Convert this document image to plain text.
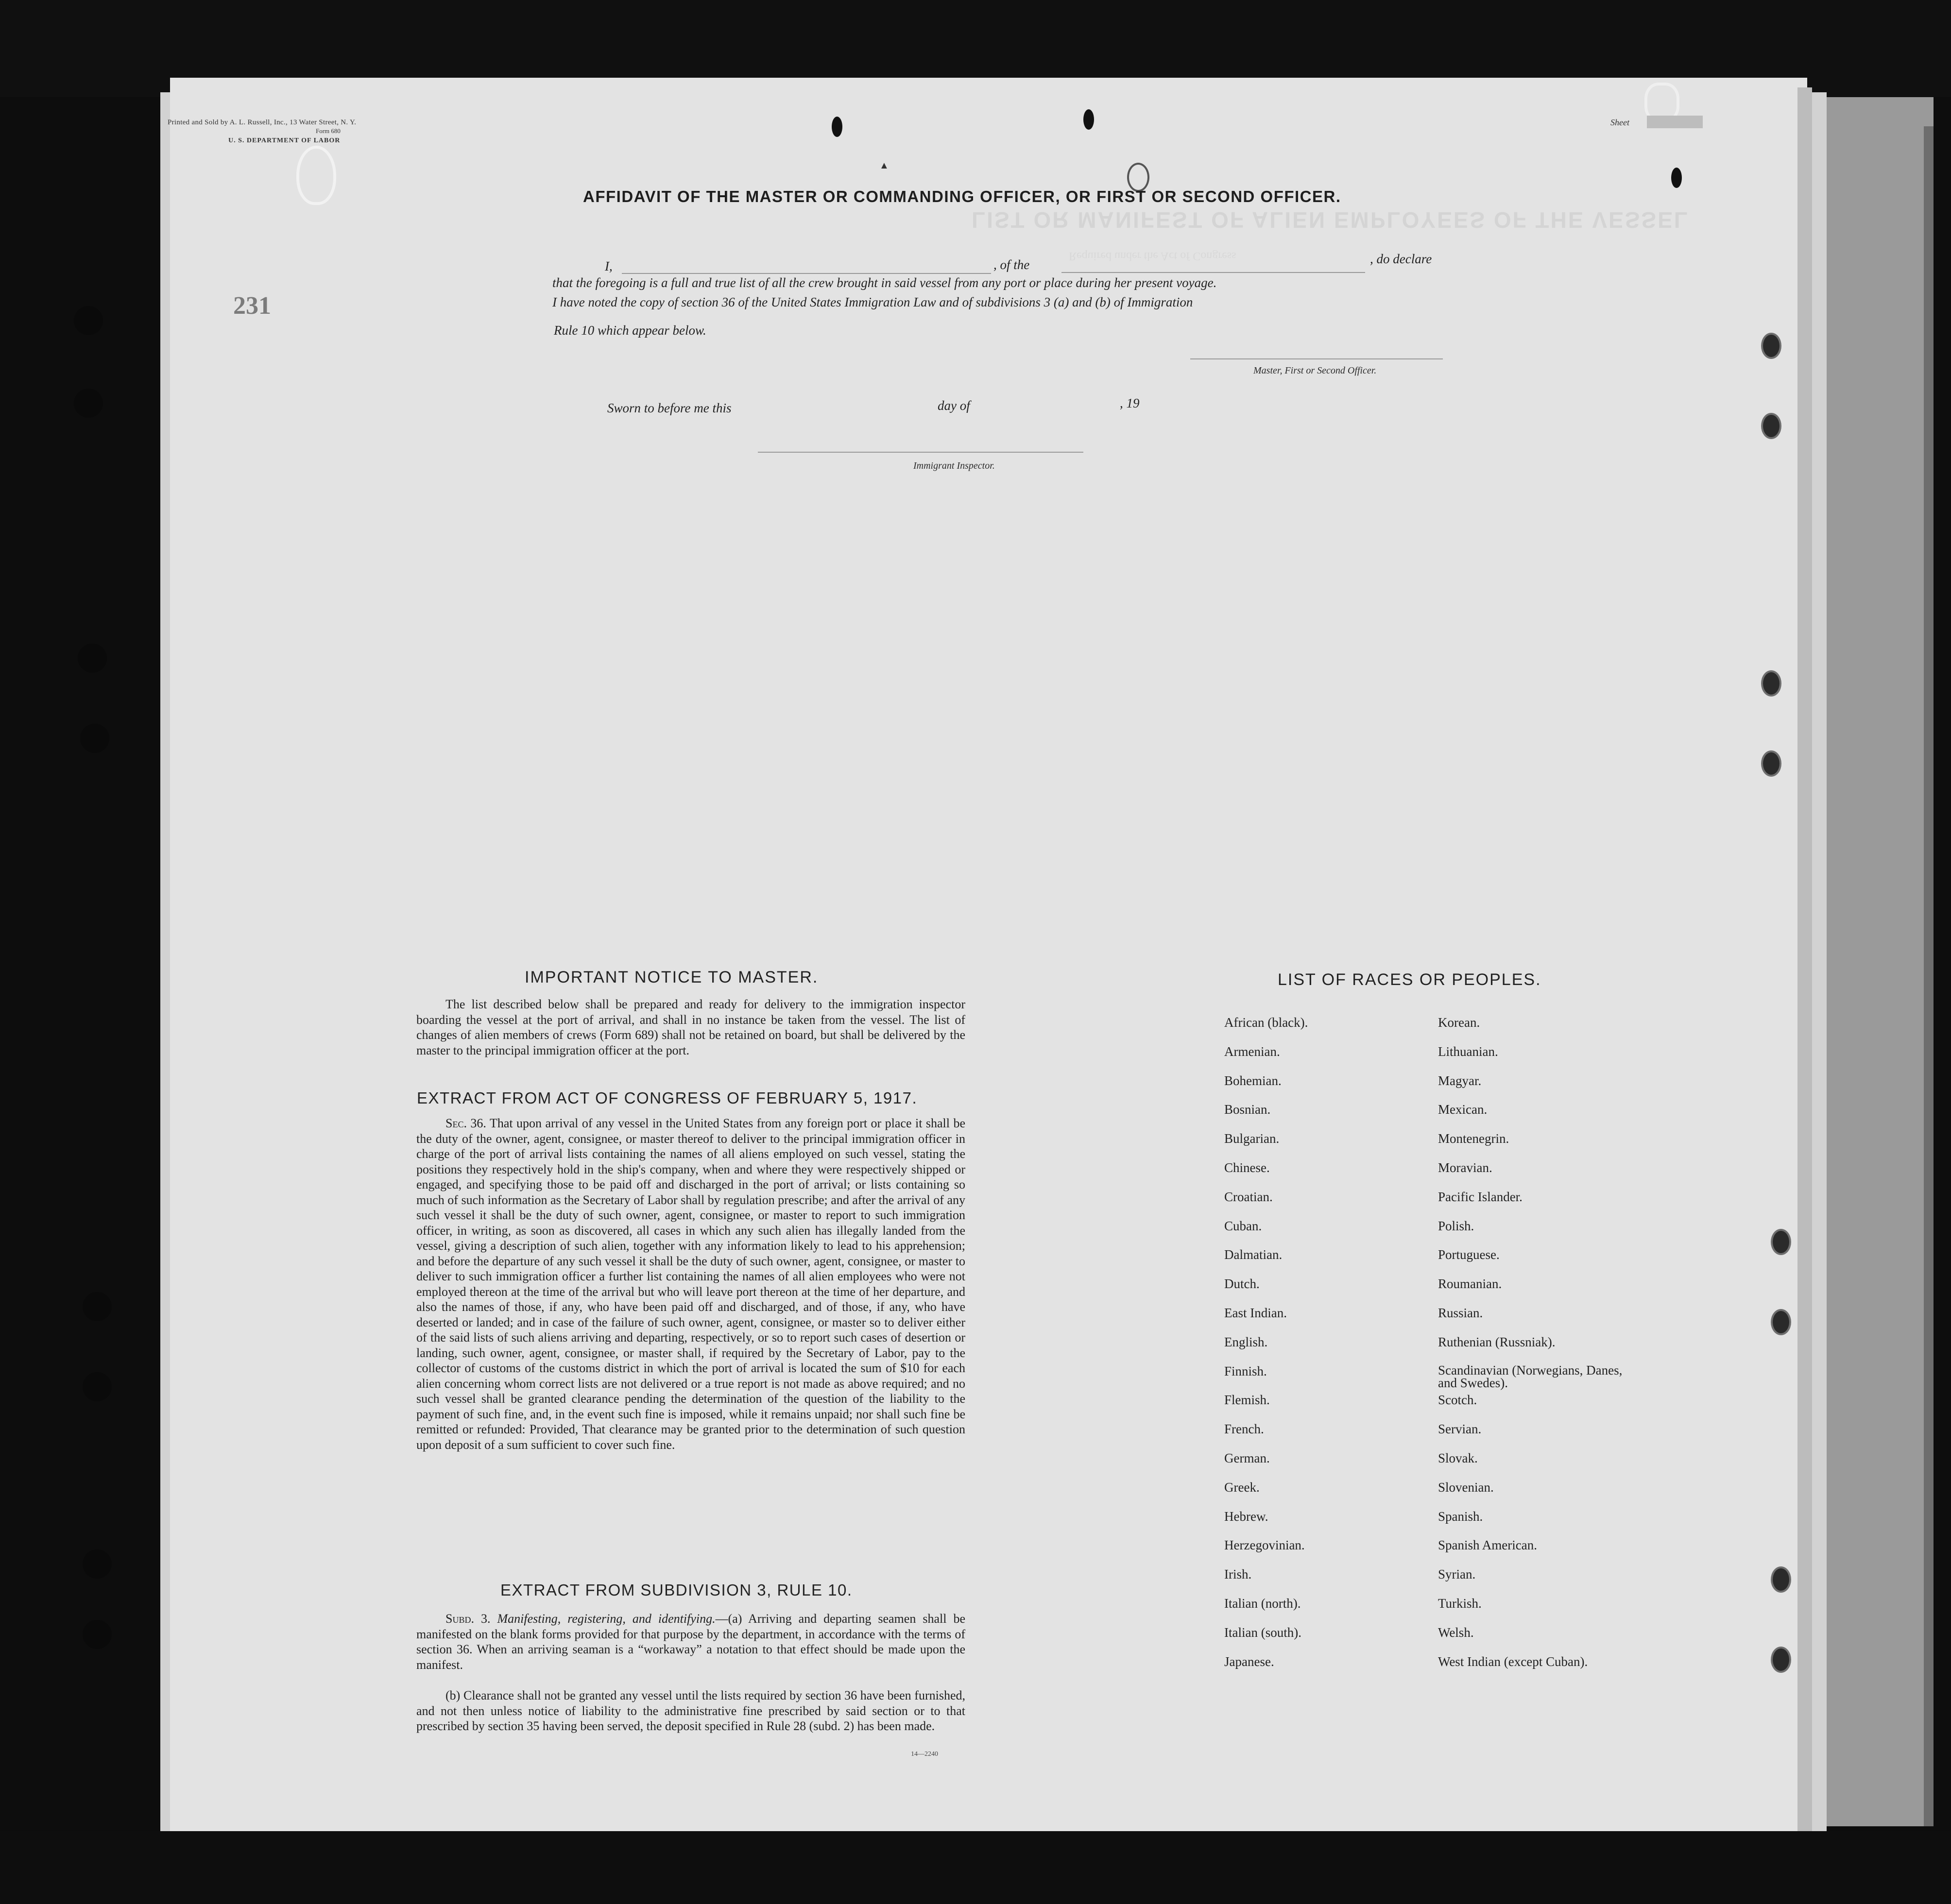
▲
LIST OR MANIFEST OF ALIEN EMPLOYEES OF THE VESSEL
Required under the Act of Congress
Printed and Sold by A. L. Russell, Inc., 13 Water Street, N. Y.
Form 680
U. S. DEPARTMENT OF LABOR
Sheet
231
AFFIDAVIT OF THE MASTER OR COMMANDING OFFICER, OR FIRST OR SECOND OFFICER.
I,	, of the	, do declare
that the foregoing is a full and true list of all the crew brought in said vessel from any port or place during her present voyage.
I have noted the copy of section 36 of the United States Immigration Law and of subdivisions 3 (a) and (b) of Immigration
Rule 10 which appear below.
Master, First or Second Officer.
Sworn to before me this	day of	, 19
Immigrant Inspector.
IMPORTANT NOTICE TO MASTER.

The list described below shall be prepared and ready for delivery to the immigration inspector boarding the vessel at the port of arrival, and shall in no instance be taken from the vessel. The list of changes of alien members of crews (Form 689) shall not be retained on board, but shall be delivered by the master to the principal immigration officer at the port.

EXTRACT FROM ACT OF CONGRESS OF FEBRUARY 5, 1917.

Sec. 36. That upon arrival of any vessel in the United States from any foreign port or place it shall be the duty of the owner, agent, consignee, or master thereof to deliver to the principal immigration officer in charge of the port of arrival lists containing the names of all aliens employed on such vessel, stating the positions they respectively hold in the ship's company, when and where they were respectively shipped or engaged, and specifying those to be paid off and discharged in the port of arrival; or lists containing so much of such information as the Secretary of Labor shall by regulation prescribe; and after the arrival of any such vessel it shall be the duty of such owner, agent, consignee, or master to report to such immigration officer, in writing, as soon as discovered, all cases in which any such alien has illegally landed from the vessel, giving a description of such alien, together with any information likely to lead to his apprehension; and before the departure of any such vessel it shall be the duty of such owner, agent, consignee, or master to deliver to such immigration officer a further list containing the names of all alien employees who were not employed thereon at the time of the arrival but who will leave port thereon at the time of her departure, and also the names of those, if any, who have been paid off and discharged, and of those, if any, who have deserted or landed; and in case of the failure of such owner, agent, consignee, or master so to deliver either of the said lists of such aliens arriving and departing, respectively, or so to report such cases of desertion or landing, such owner, agent, consignee, or master shall, if required by the Secretary of Labor, pay to the collector of customs of the customs district in which the port of arrival is located the sum of $10 for each alien concerning whom correct lists are not delivered or a true report is not made as above required; and no such vessel shall be granted clearance pending the determination of the question of the liability to the payment of such fine, and, in the event such fine is imposed, while it remains unpaid; nor shall such fine be remitted or refunded: Provided, That clearance may be granted prior to the determination of such question upon deposit of a sum sufficient to cover such fine.

EXTRACT FROM SUBDIVISION 3, RULE 10.

Subd. 3. Manifesting, registering, and identifying.—(a) Arriving and departing seamen shall be manifested on the blank forms provided for that purpose by the department, in accordance with the terms of section 36. When an arriving seaman is a “workaway” a notation to that effect should be made upon the manifest.

(b) Clearance shall not be granted any vessel until the lists required by section 36 have been furnished, and not then unless notice of liability to the administrative fine prescribed by said section or to that prescribed by section 35 having been served, the deposit specified in Rule 28 (subd. 2) has been made.

14—2240
LIST OF RACES OR PEOPLES.
African (black).
Armenian.
Bohemian.
Bosnian.
Bulgarian.
Chinese.
Croatian.
Cuban.
Dalmatian.
Dutch.
East Indian.
English.
Finnish.
Flemish.
French.
German.
Greek.
Hebrew.
Herzegovinian.
Irish.
Italian (north).
Italian (south).
Japanese.
Korean.
Lithuanian.
Magyar.
Mexican.
Montenegrin.
Moravian.
Pacific Islander.
Polish.
Portuguese.
Roumanian.
Russian.
Ruthenian (Russniak).
Scandinavian (Norwegians, Danes, and Swedes).
Scotch.
Servian.
Slovak.
Slovenian.
Spanish.
Spanish American.
Syrian.
Turkish.
Welsh.
West Indian (except Cuban).
